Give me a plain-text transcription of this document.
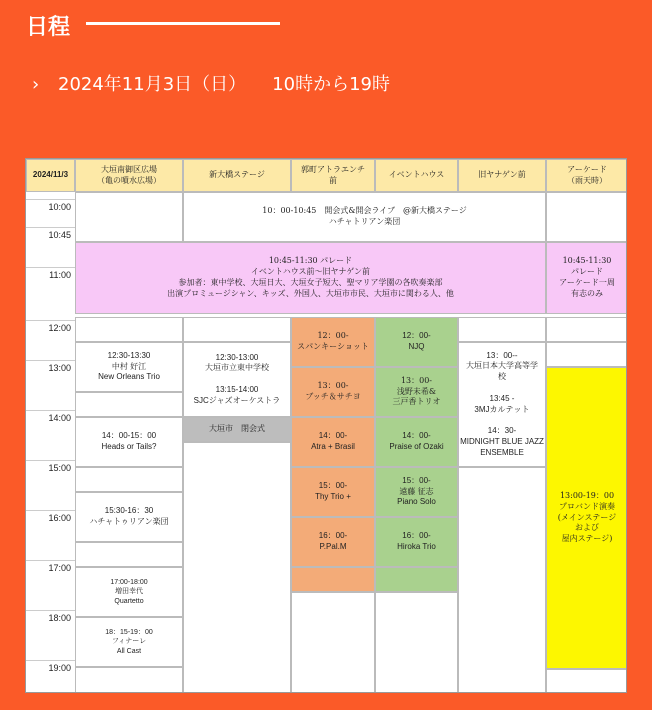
日程
› 2024年11月3日（日） 10時から19時
2024/11/3
大垣南御区広場
（亀の噴水広場）
新大橋ステージ
郭町アトラエンチ
前
イベントハウス	旧ヤナゲン前
アーケード
（雨天時）
10:00
10:45
11:00
12:00
13:00
14:00
15:00
16:00
17:00
18:00
19:00
10：00-10:45　開会式&開会ライブ　@新大橋ステージ
ハチャトリアン楽団
10:45-11:30 パレード
イベントハウス前〜旧ヤナゲン前
参加者：東中学校、大垣日大、大垣女子短大、聖マリア学園の各吹奏楽部
出演プロミュージシャン、キッズ、外国人、大垣市市民、大垣市に関わる人、他
10:45-11:30
パレード
アーケード一周
有志のみ
12:30-13:30
中村 好江
New Orleans Trio
14：00-15：00
Heads or Tails?
15:30-16：30
ハチャトゥリアン楽団
17:00-18:00
増田幸代
Quartetto
18：15-19：00
フィナーレ
All Cast
12:30-13:00
大垣市立東中学校

13:15-14:00
SJCジャズオーケストラ
大垣市　閉会式
12：00-
スパンキーショット
13：00-
ブッチ＆サチヨ
14：00-
Atra + Brasil
15：00-
Thy Trio +
16：00-
P.Pal.M
12：00-
NJQ
13：00-
浅野未希&
三戸香トリオ
14：00-
Praise of Ozaki
15：00-
遠藤 征志
Piano Solo
16：00-
Hiroka Trio
13：00--
大垣日本大学高等学
校

13:45 -
3MJカルテット

14：30-
MIDNIGHT BLUE JAZZ
ENSEMBLE
13:00-19：00
プロバンド演奏
(メインステージ
および
屋内ステージ)
